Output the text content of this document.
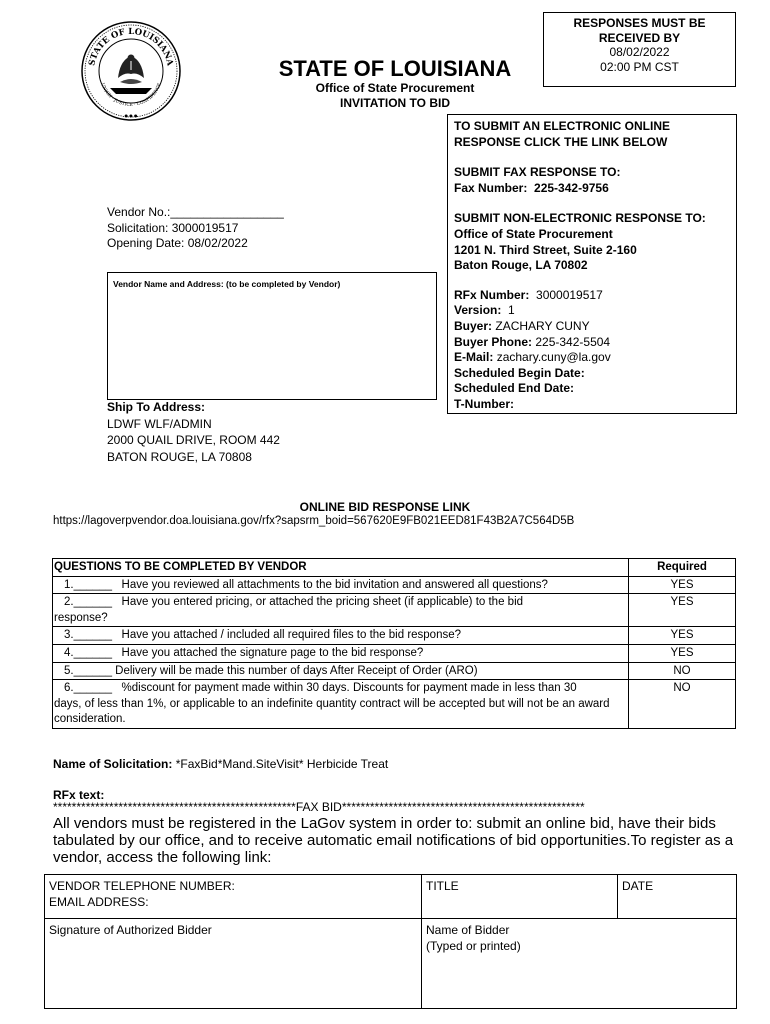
STATE OF LOUISIANA
UNION · JUSTICE · CONFIDENCE
● ● ●
RESPONSES MUST BE
RECEIVED BY
08/02/2022
02:00 PM CST
STATE OF LOUISIANA
Office of State Procurement
INVITATION TO BID
TO SUBMIT AN ELECTRONIC ONLINE
RESPONSE CLICK THE LINK BELOW
SUBMIT FAX RESPONSE TO:
Fax Number: 225-342-9756
SUBMIT NON-ELECTRONIC RESPONSE TO:
Office of State Procurement
1201 N. Third Street, Suite 2-160
Baton Rouge, LA 70802
RFx Number: 3000019517
Version: 1
Buyer: ZACHARY CUNY
Buyer Phone: 225-342-5504
E-Mail: zachary.cuny@la.gov
Scheduled Begin Date:
Scheduled End Date:
T-Number:
Vendor No.:_________________
Solicitation: 3000019517
Opening Date: 08/02/2022
Vendor Name and Address: (to be completed by Vendor)
Ship To Address:
LDWF WLF/ADMIN
2000 QUAIL DRIVE, ROOM 442
BATON ROUGE, LA 70808
ONLINE BID RESPONSE LINK
https://lagoverpvendor.doa.louisiana.gov/rfx?sapsrm_boid=567620E9FB021EED81F43B2A7C564D5B
QUESTIONS TO BE COMPLETED BY VENDOR	Required
1.______   Have you reviewed all attachments to the bid invitation and answered all questions?	YES
2.______   Have you entered pricing, or attached the pricing sheet (if applicable) to the bid
response?	YES
3.______   Have you attached / included all required files to the bid response?	YES
4.______   Have you attached the signature page to the bid response?	YES
5.______ Delivery will be made this number of days After Receipt of Order (ARO)	NO
6.______   %discount for payment made within 30 days. Discounts for payment made in less than 30
days, of less than 1%, or applicable to an indefinite quantity contract will be accepted but will not be an award consideration.	NO
Name of Solicitation: *FaxBid*Mand.SiteVisit* Herbicide Treat
RFx text:
****************************************************FAX BID****************************************************
All vendors must be registered in the LaGov system in order to: submit an online bid, have their bids tabulated by our office, and to receive automatic email notifications of bid opportunities.To register as a vendor, access the following link:
VENDOR TELEPHONE NUMBER:
EMAIL ADDRESS:	TITLE	DATE

Signature of Authorized Bidder	Name of Bidder
(Typed or printed)	
